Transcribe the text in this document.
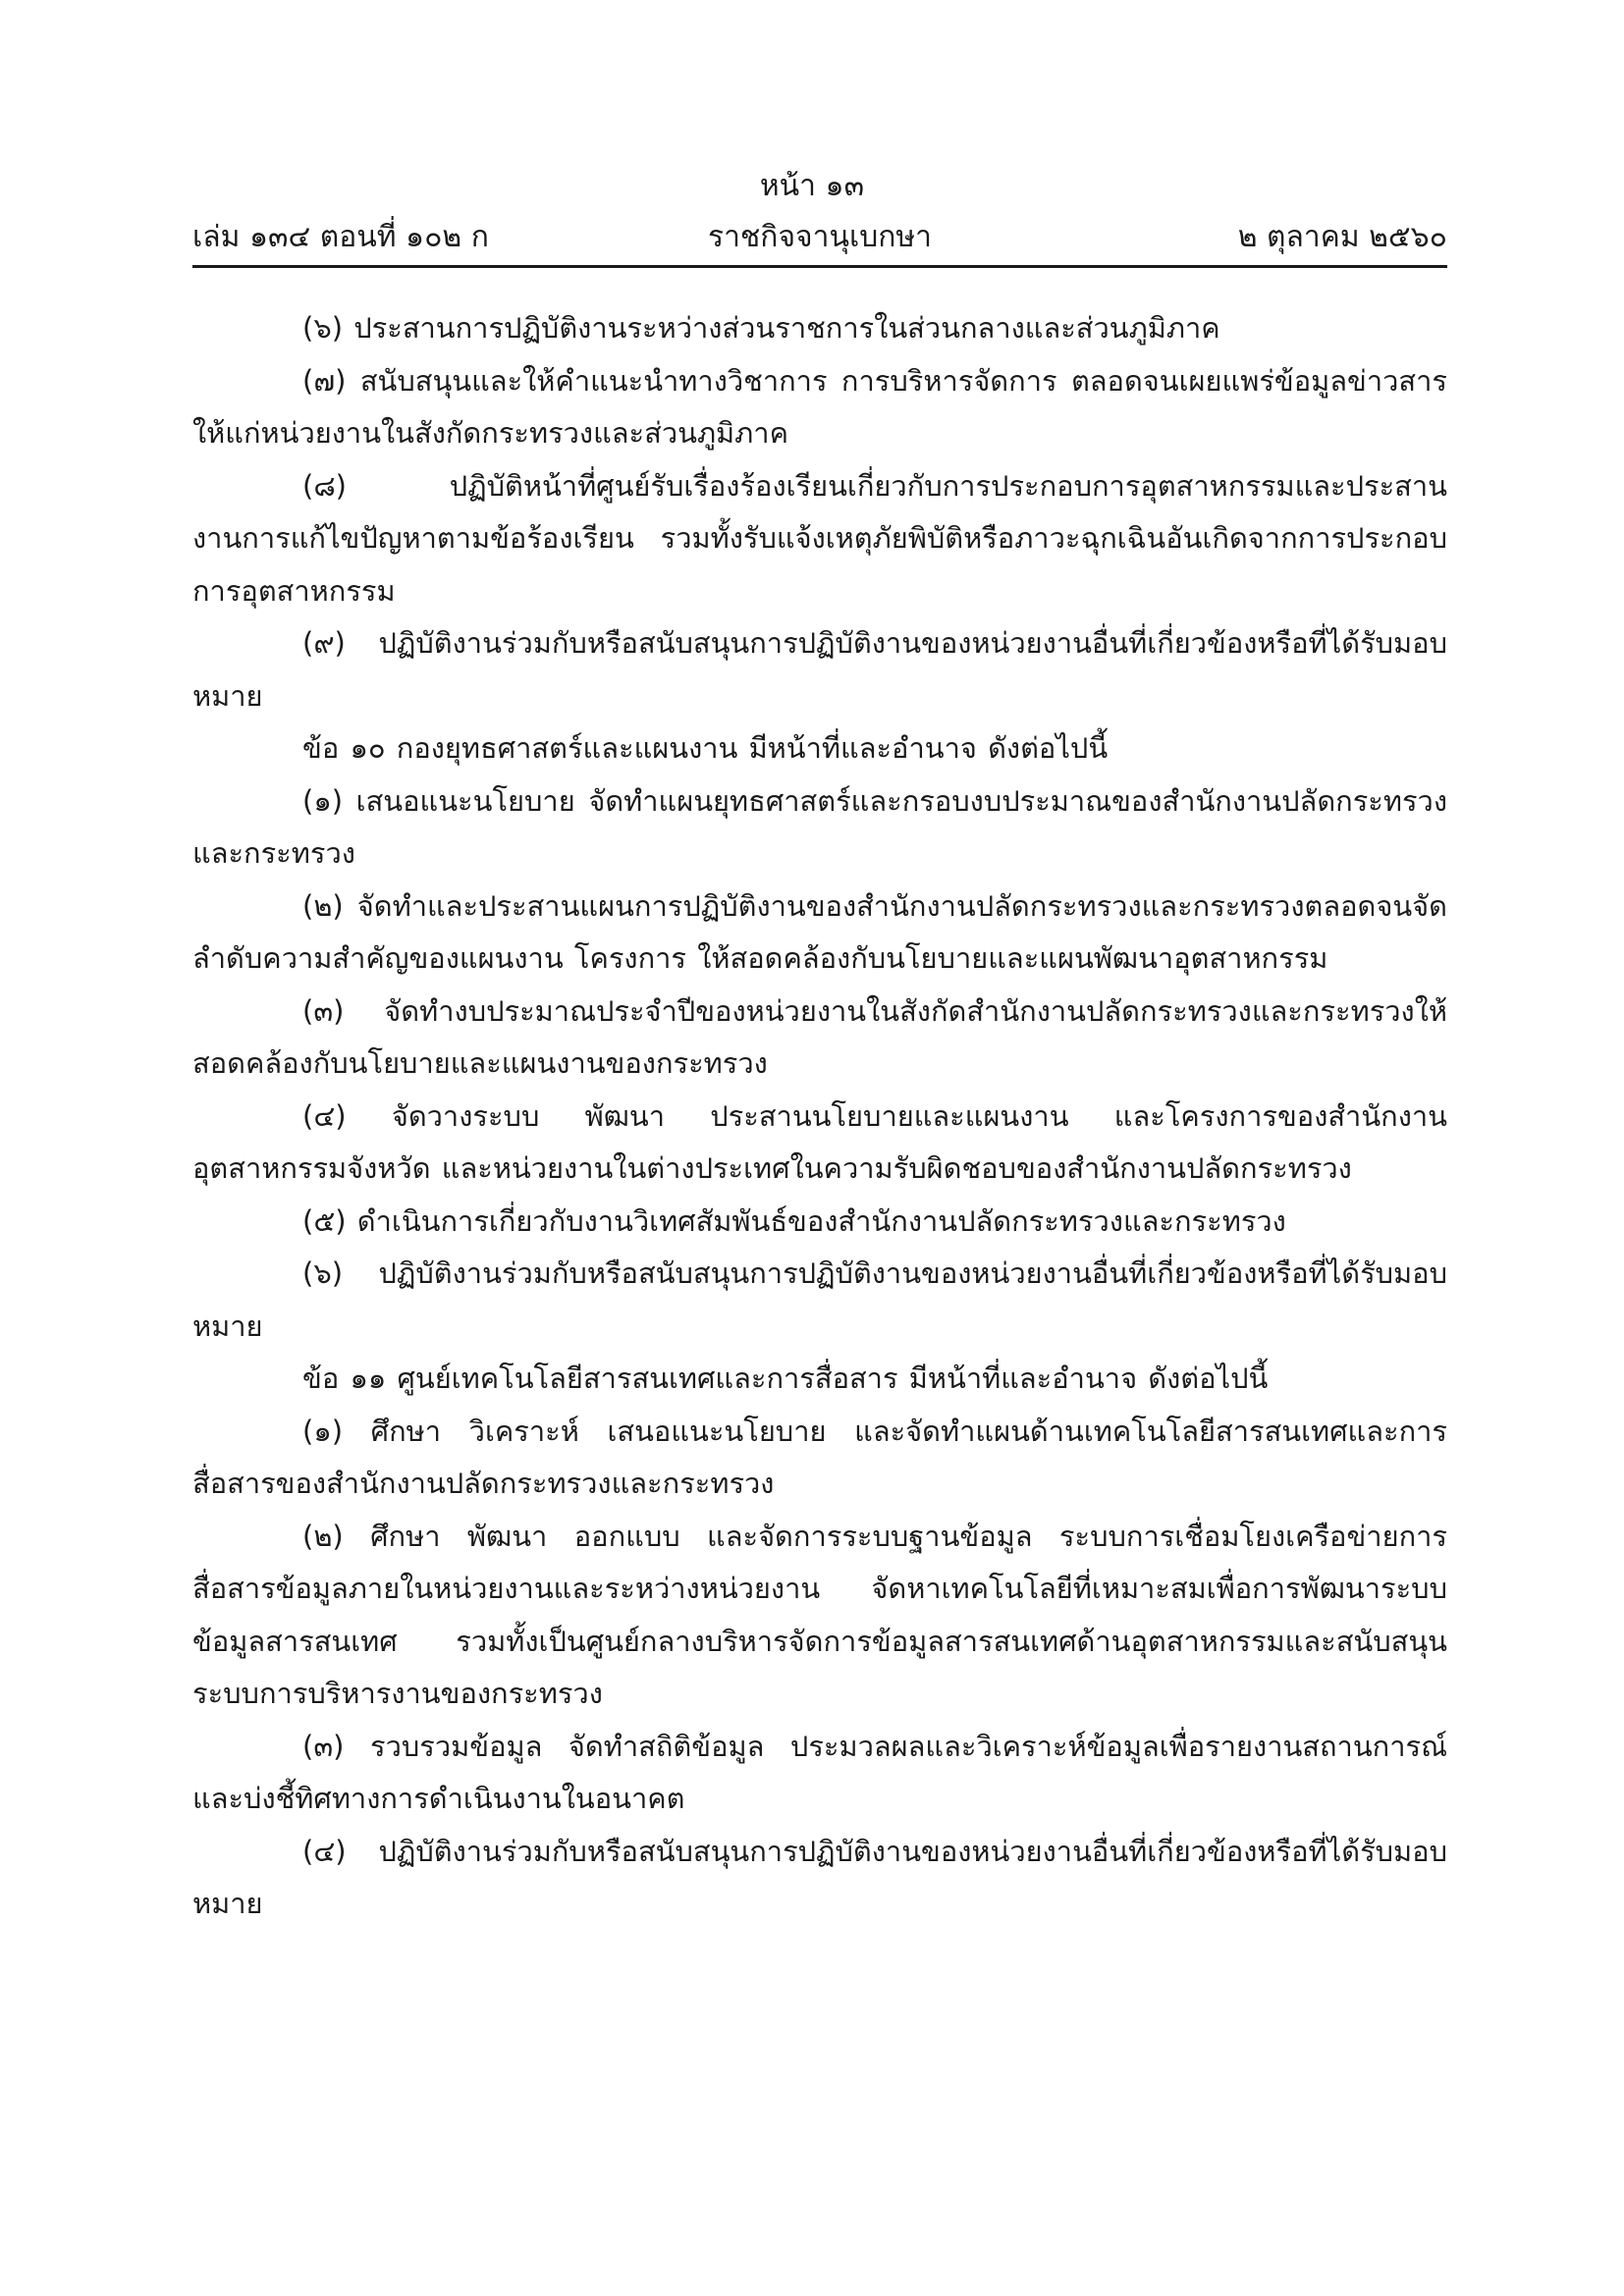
หน้า ๑๓
ราชกิจจานุเบกษา
เล่ม ๑๓๔ ตอนที่ ๑๐๒ ก	๒ ตุลาคม ๒๕๖๐

(๖) ประสานการปฏิบัติงานระหว่างส่วนราชการในส่วนกลางและส่วนภูมิภาค

(๗) สนับสนุนและให้คำแนะนำทางวิชาการ การบริหารจัดการ ตลอดจนเผยแพร่ข้อมูลข่าวสารให้แก่หน่วยงานในสังกัดกระทรวงและส่วนภูมิภาค

(๘) ปฏิบัติหน้าที่ศูนย์รับเรื่องร้องเรียนเกี่ยวกับการประกอบการอุตสาหกรรมและประสานงานการแก้ไขปัญหาตามข้อร้องเรียน รวมทั้งรับแจ้งเหตุภัยพิบัติหรือภาวะฉุกเฉินอันเกิดจากการประกอบการอุตสาหกรรม

(๙) ปฏิบัติงานร่วมกับหรือสนับสนุนการปฏิบัติงานของหน่วยงานอื่นที่เกี่ยวข้องหรือที่ได้รับมอบหมาย

ข้อ ๑๐ กองยุทธศาสตร์และแผนงาน มีหน้าที่และอำนาจ ดังต่อไปนี้

(๑) เสนอแนะนโยบาย จัดทำแผนยุทธศาสตร์และกรอบงบประมาณของสำนักงานปลัดกระทรวงและกระทรวง

(๒) จัดทำและประสานแผนการปฏิบัติงานของสำนักงานปลัดกระทรวงและกระทรวงตลอดจนจัดลำดับความสำคัญของแผนงาน โครงการ ให้สอดคล้องกับนโยบายและแผนพัฒนาอุตสาหกรรม

(๓) จัดทำงบประมาณประจำปีของหน่วยงานในสังกัดสำนักงานปลัดกระทรวงและกระทรวงให้สอดคล้องกับนโยบายและแผนงานของกระทรวง

(๔) จัดวางระบบ พัฒนา ประสานนโยบายและแผนงาน และโครงการของสำนักงานอุตสาหกรรมจังหวัด และหน่วยงานในต่างประเทศในความรับผิดชอบของสำนักงานปลัดกระทรวง

(๕) ดำเนินการเกี่ยวกับงานวิเทศสัมพันธ์ของสำนักงานปลัดกระทรวงและกระทรวง

(๖) ปฏิบัติงานร่วมกับหรือสนับสนุนการปฏิบัติงานของหน่วยงานอื่นที่เกี่ยวข้องหรือที่ได้รับมอบหมาย

ข้อ ๑๑ ศูนย์เทคโนโลยีสารสนเทศและการสื่อสาร มีหน้าที่และอำนาจ ดังต่อไปนี้

(๑) ศึกษา วิเคราะห์ เสนอแนะนโยบาย และจัดทำแผนด้านเทคโนโลยีสารสนเทศและการสื่อสารของสำนักงานปลัดกระทรวงและกระทรวง

(๒) ศึกษา พัฒนา ออกแบบ และจัดการระบบฐานข้อมูล ระบบการเชื่อมโยงเครือข่ายการสื่อสารข้อมูลภายในหน่วยงานและระหว่างหน่วยงาน จัดหาเทคโนโลยีที่เหมาะสมเพื่อการพัฒนาระบบข้อมูลสารสนเทศ รวมทั้งเป็นศูนย์กลางบริหารจัดการข้อมูลสารสนเทศด้านอุตสาหกรรมและสนับสนุนระบบการบริหารงานของกระทรวง

(๓) รวบรวมข้อมูล จัดทำสถิติข้อมูล ประมวลผลและวิเคราะห์ข้อมูลเพื่อรายงานสถานการณ์และบ่งชี้ทิศทางการดำเนินงานในอนาคต

(๔) ปฏิบัติงานร่วมกับหรือสนับสนุนการปฏิบัติงานของหน่วยงานอื่นที่เกี่ยวข้องหรือที่ได้รับมอบหมาย
